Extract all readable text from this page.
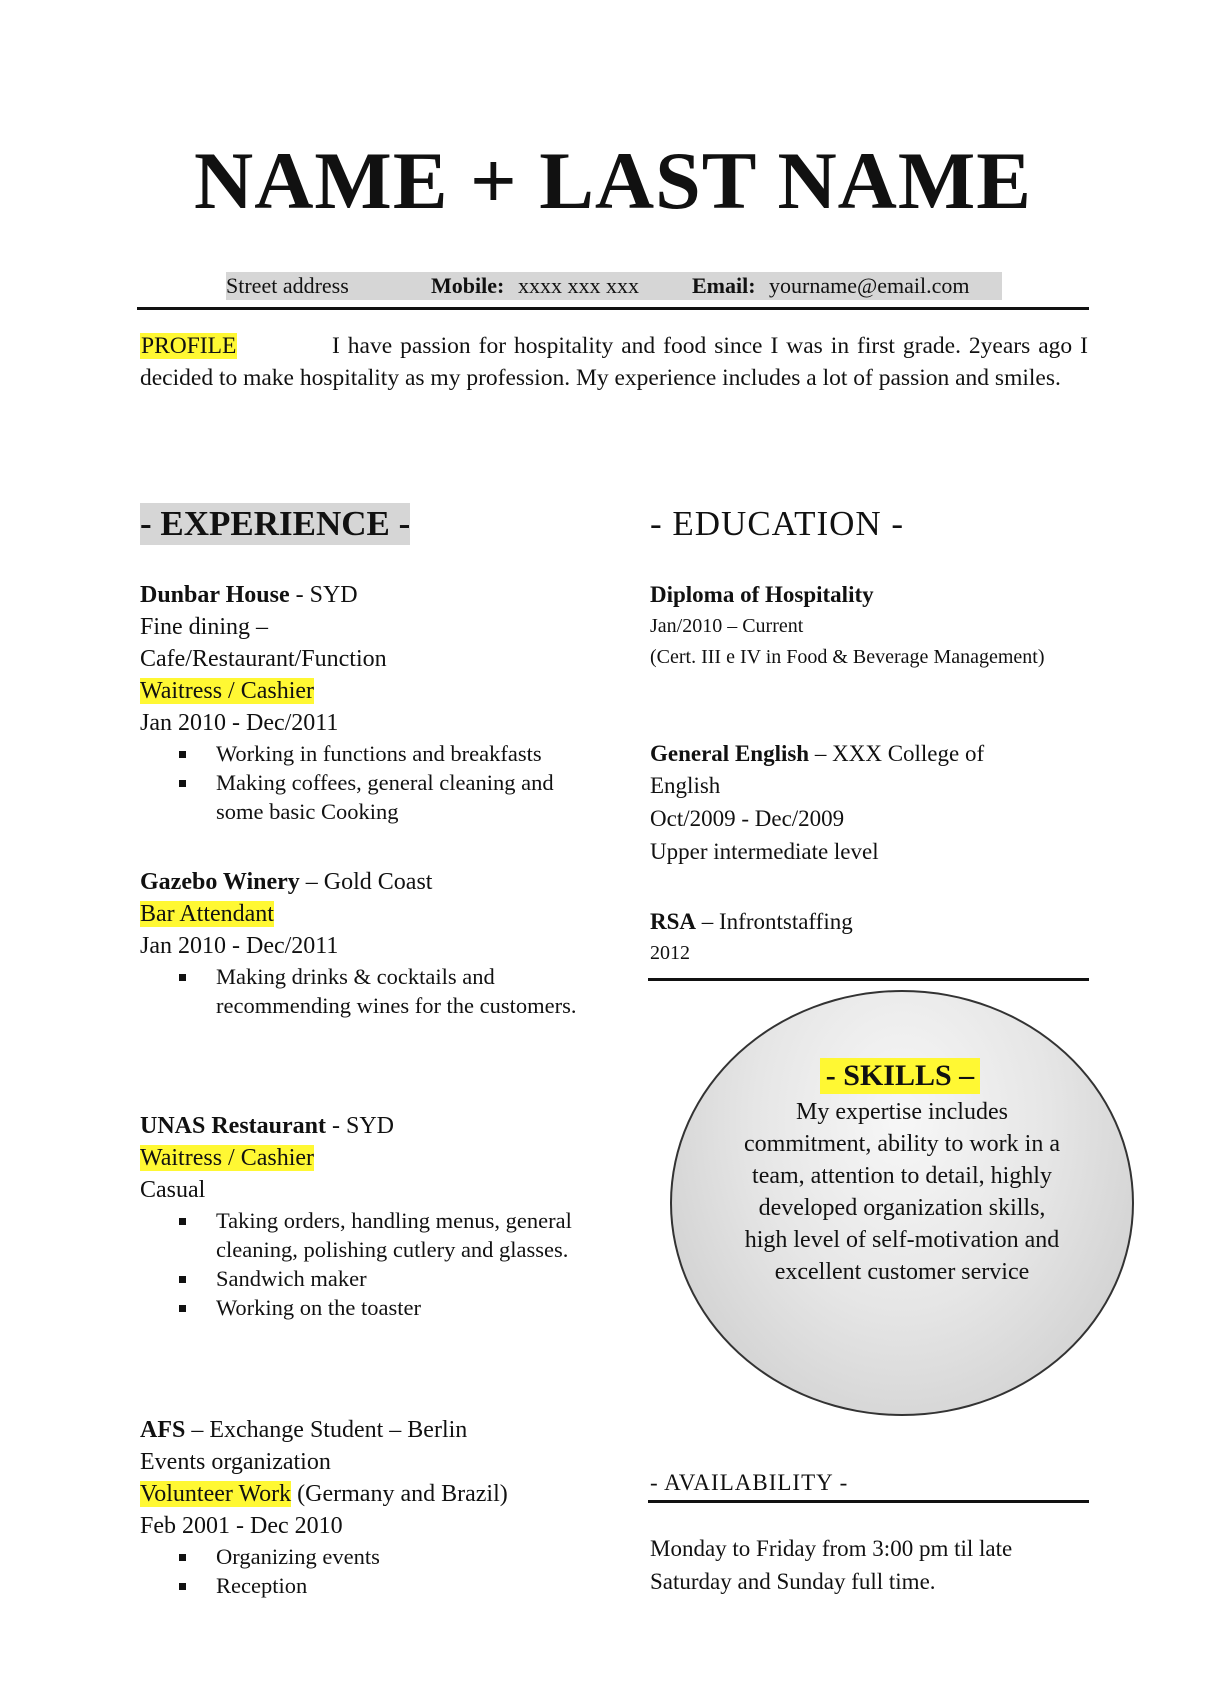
NAME + LAST NAME
Street address	Mobile: xxxx xxx xxx Email: yourname@email.com
PROFILE	I have passion for hospitality and food since I was in first grade. 2years ago I decided to make hospitality as my profession. My experience includes a lot of passion and smiles.
- EXPERIENCE -
Dunbar House - SYD
Fine dining –
Cafe/Restaurant/Function
Waitress / Cashier
Jan 2010 - Dec/2011
Working in functions and breakfasts
Making coffees, general cleaning and some basic Cooking
Gazebo Winery – Gold Coast
Bar Attendant
Jan 2010 - Dec/2011
Making drinks & cocktails and recommending wines for the customers.
UNAS Restaurant - SYD
Waitress / Cashier
Casual
Taking orders, handling menus, general cleaning, polishing cutlery and glasses.
Sandwich maker
Working on the toaster
AFS – Exchange Student – Berlin
Events organization
Volunteer Work (Germany and Brazil)
Feb 2001 - Dec 2010
Organizing events
Reception
- EDUCATION -
Diploma of Hospitality
Jan/2010 – Current
(Cert. III e IV in Food & Beverage Management)
General English – XXX College of English
Oct/2009 - Dec/2009
Upper intermediate level
RSA – Infrontstaffing
2012
- SKILLS –
My expertise includes commitment, ability to work in a team, attention to detail, highly developed organization skills, high level of self-motivation and excellent customer service
- AVAILABILITY -
Monday to Friday from 3:00 pm til late
Saturday and Sunday full time.
